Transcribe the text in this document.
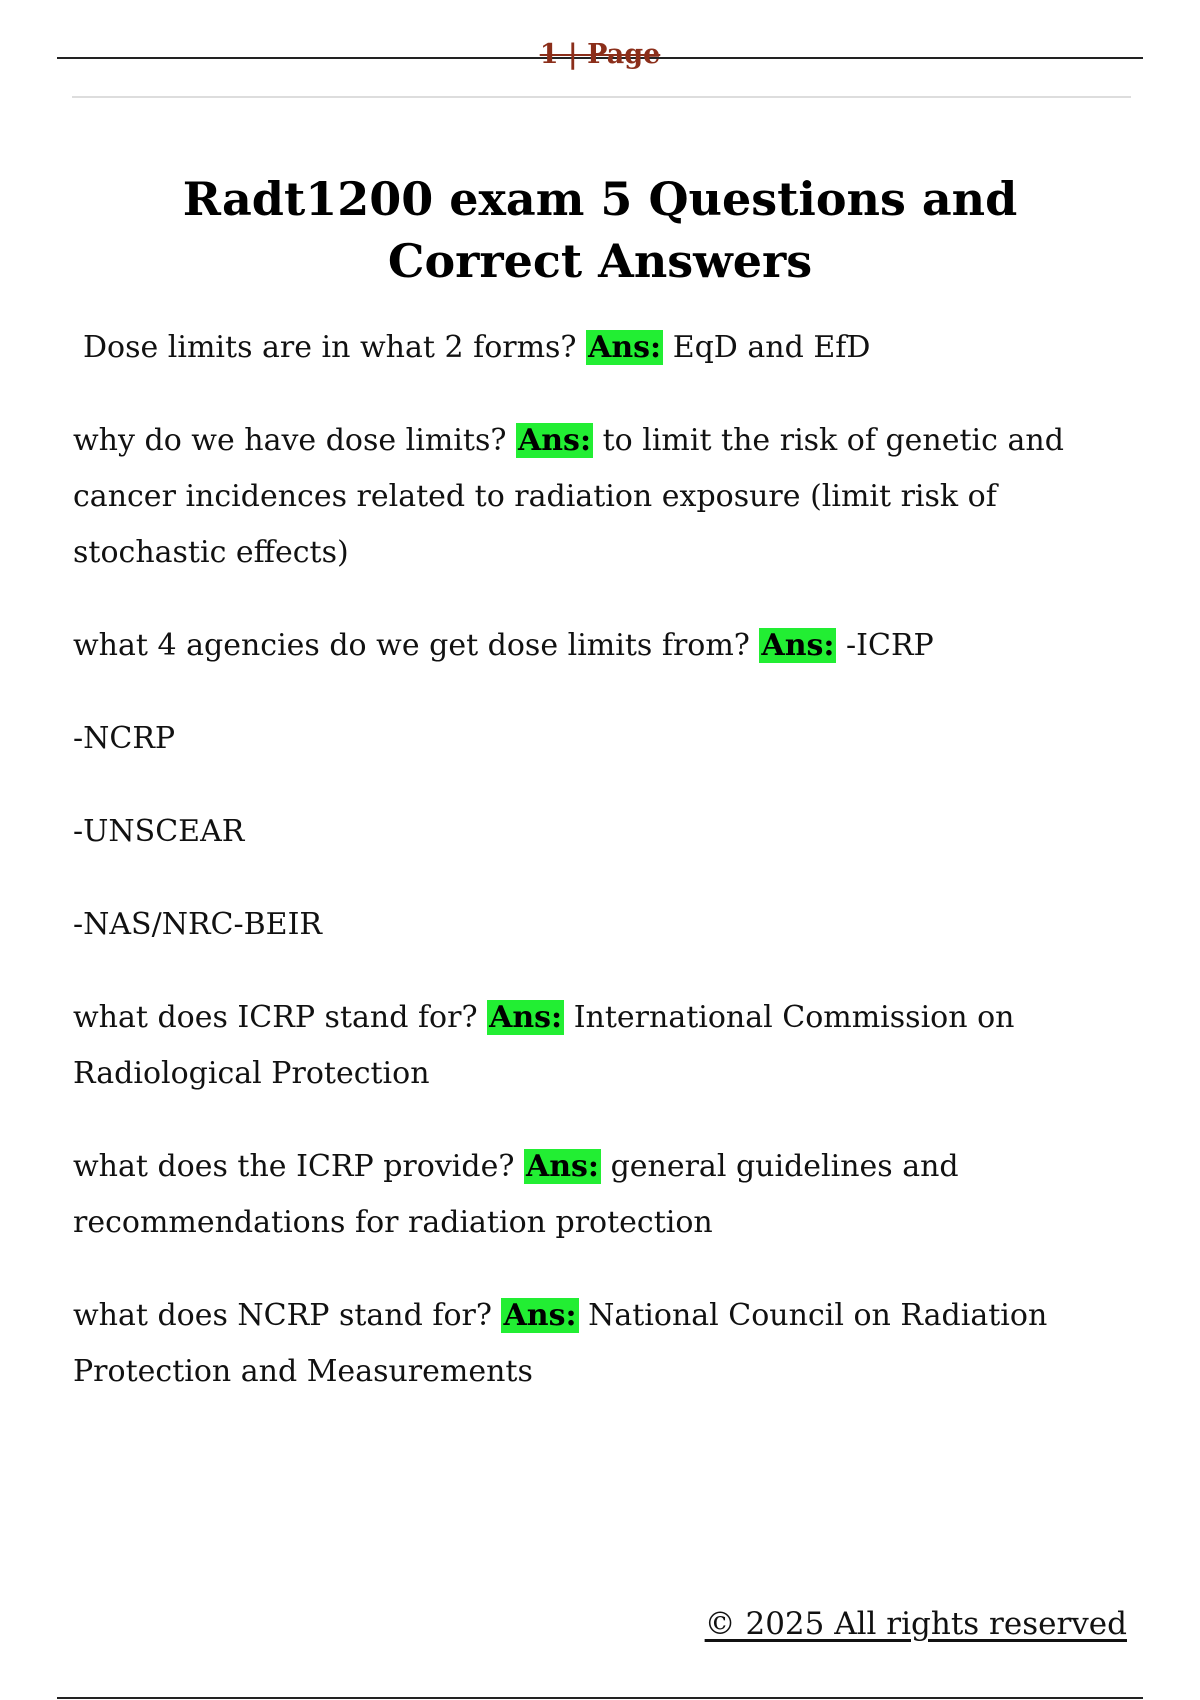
1 | Page
Radt1200 exam 5 Questions and Correct Answers

Dose limits are in what 2 forms? Ans: EqD and EfD

why do we have dose limits? Ans: to limit the risk of genetic and cancer incidences related to radiation exposure (limit risk of stochastic effects)

what 4 agencies do we get dose limits from? Ans: -ICRP

-NCRP

-UNSCEAR

-NAS/NRC-BEIR

what does ICRP stand for? Ans: International Commission on Radiological Protection

what does the ICRP provide? Ans: general guidelines and recommendations for radiation protection

what does NCRP stand for? Ans: National Council on Radiation Protection and Measurements

© 2025 All rights reserved
